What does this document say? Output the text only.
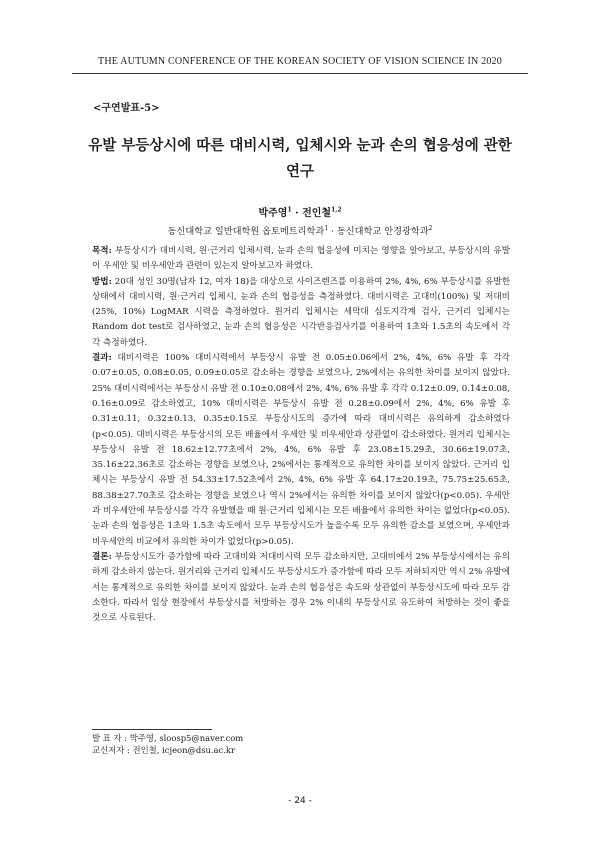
THE AUTUMN CONFERENCE OF THE KOREAN SOCIETY OF VISION SCIENCE IN 2020
<구연발표-5>
유발 부등상시에 따른 대비시력, 입체시와 눈과 손의 협응성에 관한 연구
박주영$^1$ · 전인철$^{1,2}$
동신대학교 일반대학원 옵토메트리학과$^1$ · 동신대학교 안경광학과$^2$

목적: 부등상시가 대비시력, 원·근거리 입체시력, 눈과 손의 협응성에 미치는 영향을 알아보고, 부등상시의 유발이 우세안 및 비우세안과 관련이 있는지 알아보고자 하였다.

방법: 20대 성인 30명(남자 12, 여자 18)을 대상으로 사이즈렌즈를 이용하여 2%, 4%, 6% 부등상시를 유발한 상태에서 대비시력, 원·근거리 입체시, 눈과 손의 협응성을 측정하였다. 대비시력은 고대비(100%) 및 저대비(25%, 10%) LogMAR 시력을 측정하였다. 원거리 입체시는 세막대 심도지각계 검사, 근거리 입체시는 Random dot test로 검사하였고, 눈과 손의 협응성은 시각반응검사기를 이용하여 1초와 1.5초의 속도에서 각각 측정하였다.

결과: 대비시력은 100% 대비시력에서 부등상시 유발 전 0.05±0.06에서 2%, 4%, 6% 유발 후 각각 0.07±0.05, 0.08±0.05, 0.09±0.05로 감소하는 경향을 보였으나, 2%에서는 유의한 차이를 보이지 않았다. 25% 대비시력에서는 부등상시 유발 전 0.10±0.08에서 2%, 4%, 6% 유발 후 각각 0.12±0.09, 0.14±0.08, 0.16±0.09로 감소하였고, 10% 대비시력은 부등상시 유발 전 0.28±0.09에서 2%, 4%, 6% 유발 후 0.31±0.11, 0.32±0.13, 0.35±0.15로 부등상시도의 증가에 따라 대비시력은 유의하게 감소하였다(p<0.05). 대비시력은 부등상시의 모든 배율에서 우세안 및 비우세안과 상관없이 감소하였다. 원거리 입체시는 부등상시 유발 전 18.62±12.77초에서 2%, 4%, 6% 유발 후 23.08±15.29초, 30.66±19.07초, 35.16±22.36초로 감소하는 경향을 보였으나, 2%에서는 통계적으로 유의한 차이를 보이지 않았다. 근거리 입체시는 부등상시 유발 전 54.33±17.52초에서 2%, 4%, 6% 유발 후 64.17±20.19초, 75.75±25.65초, 88.38±27.70초로 감소하는 경향을 보였으나 역시 2%에서는 유의한 차이를 보이지 않았다(p<0.05). 우세안과 비우세안에 부등상시를 각각 유발했을 때 원·근거리 입체시는 모든 배율에서 유의한 차이는 없었다(p<0.05). 눈과 손의 협응성은 1초와 1.5초 속도에서 모두 부등상시도가 높을수록 모두 유의한 감소를 보였으며, 우세안과 비우세안의 비교에서 유의한 차이가 없었다(p>0.05).

결론: 부등상시도가 증가함에 따라 고대비와 저대비시력 모두 감소하지만, 고대비에서 2% 부등상시에서는 유의하게 감소하지 않는다. 원거리와 근거리 입체시도 부등상시도가 증가함에 따라 모두 저하되지만 역시 2% 유발에서는 통계적으로 유의한 차이를 보이지 않았다. 눈과 손의 협응성은 속도와 상관없이 부등상시도에 따라 모두 감소한다. 따라서 임상 현장에서 부등상시를 처방하는 경우 2% 이내의 부등상시로 유도하여 처방하는 것이 좋을 것으로 사료된다.

발 표 자 : 박주영, sloosp5@naver.com
교신저자 : 전인철, icjeon@dsu.ac.kr
- 24 -
